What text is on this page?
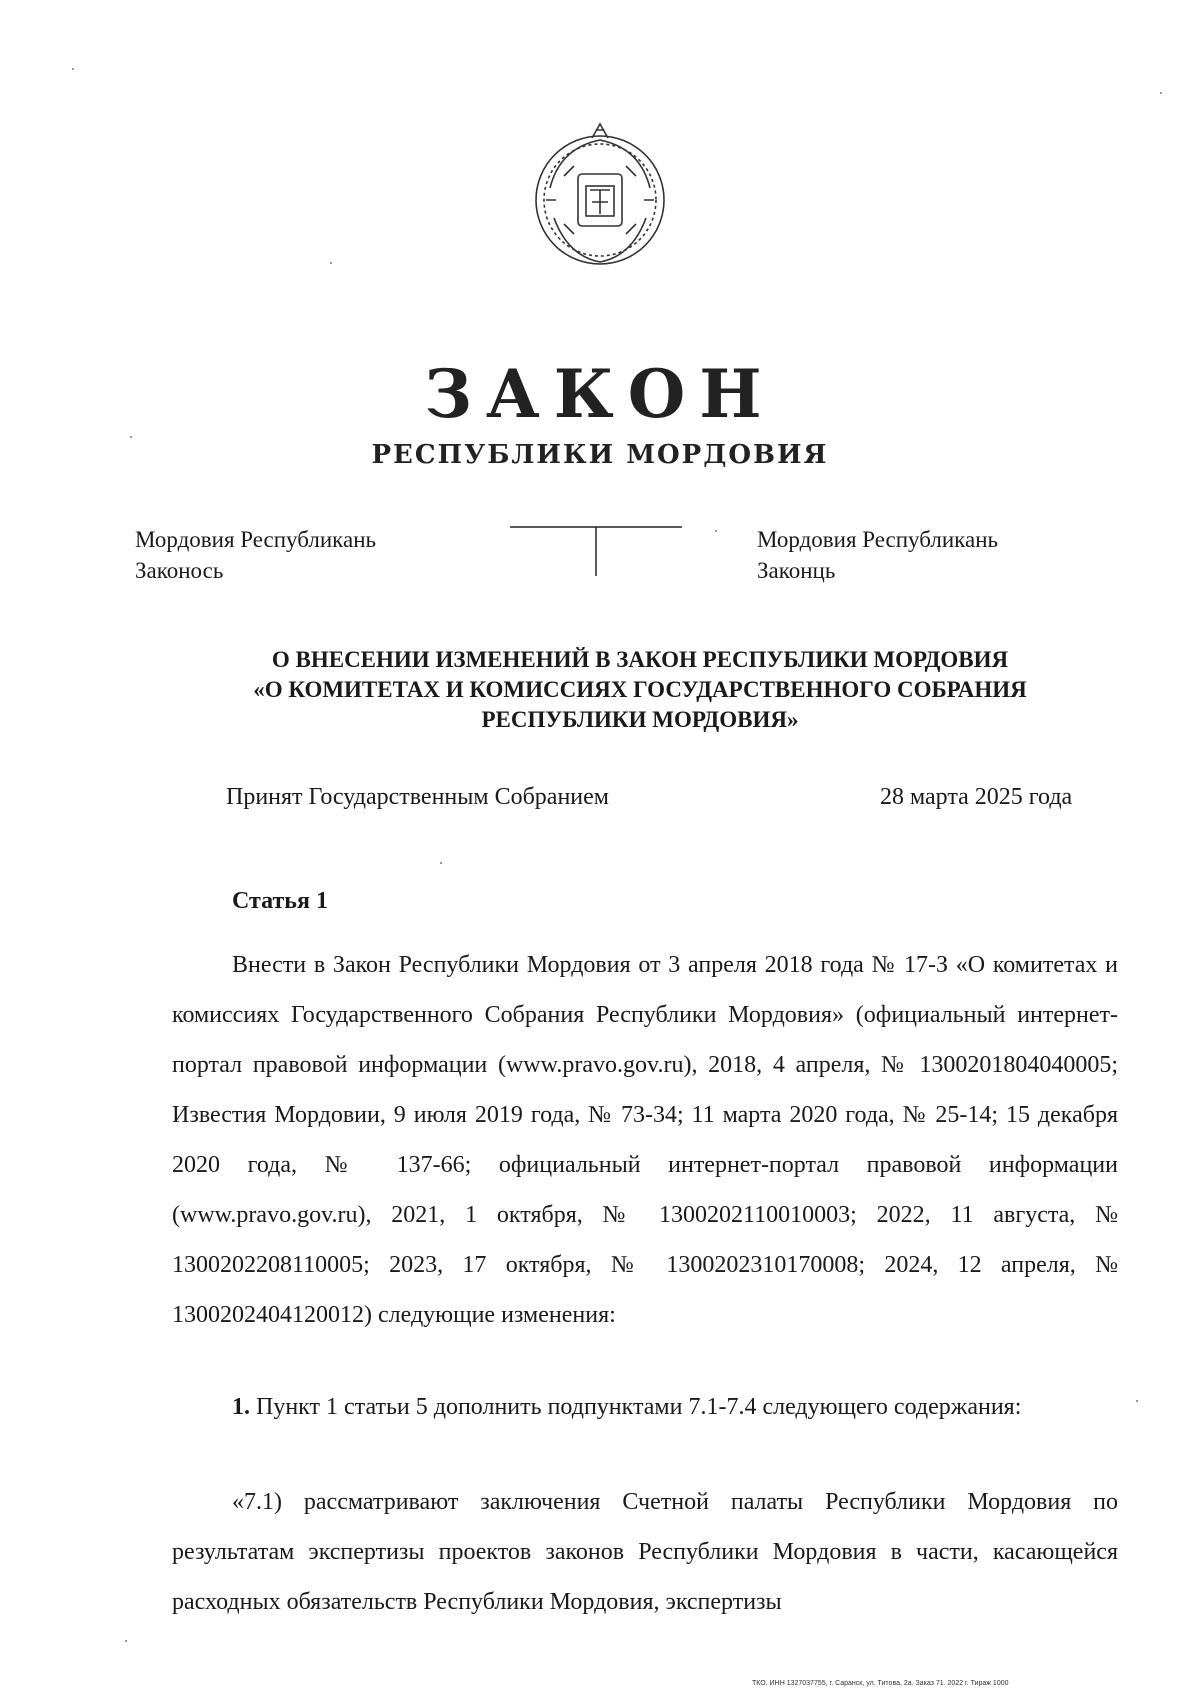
ЗАКОН
РЕСПУБЛИКИ МОРДОВИЯ
Мордовия Республикань
Законось
Мордовия Республикань
Законць
О ВНЕСЕНИИ ИЗМЕНЕНИЙ В ЗАКОН РЕСПУБЛИКИ МОРДОВИЯ
«О КОМИТЕТАХ И КОМИССИЯХ ГОСУДАРСТВЕННОГО СОБРАНИЯ
РЕСПУБЛИКИ МОРДОВИЯ»
Принят Государственным Собранием	28 марта 2025 года
Статья 1
Внести в Закон Республики Мордовия от 3 апреля 2018 года № 17-З «О комитетах и комиссиях Государственного Собрания Республики Мордовия» (официальный интернет-портал правовой информации (www.pravo.gov.ru), 2018, 4 апреля, № 1300201804040005; Известия Мордовии, 9 июля 2019 года, № 73-34; 11 марта 2020 года, № 25-14; 15 декабря 2020 года, № 137-66; официальный интернет-портал правовой информации (www.pravo.gov.ru), 2021, 1 октября, № 1300202110010003; 2022, 11 августа, № 1300202208110005; 2023, 17 октября, № 1300202310170008; 2024, 12 апреля, № 1300202404120012) следующие изменения:
1. Пункт 1 статьи 5 дополнить подпунктами 7.1-7.4 следующего содержания:
«7.1) рассматривают заключения Счетной палаты Республики Мордовия по результатам экспертизы проектов законов Республики Мордовия в части, касающейся расходных обязательств Республики Мордовия, экспертизы
ТКО. ИНН 1327037755, г. Саранск, ул. Титова, 2а. Заказ 71. 2022 г. Тираж 1000
